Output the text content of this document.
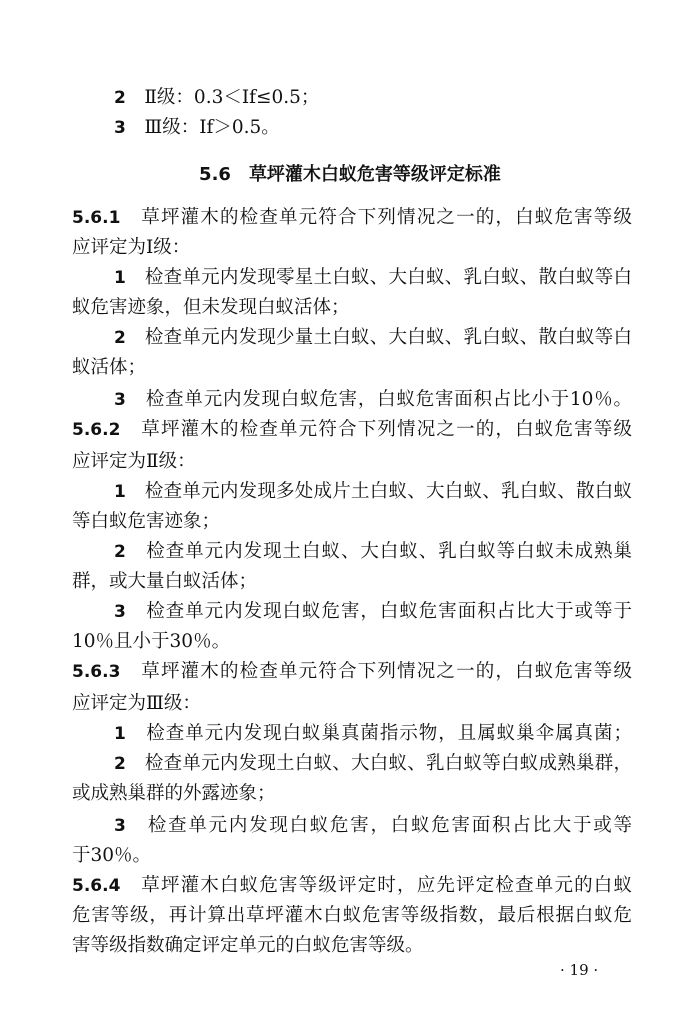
2　 Ⅱ级：0.3＜If≤0.5；
3　 Ⅲ级：If＞0.5。
5.6　 草坪灌木白蚁危害等级评定标准
5.6.1　 草坪灌木的检查单元符合下列情况之一的，白蚁危害等级
应评定为Ⅰ级：
1　 检查单元内发现零星土白蚁、大白蚁、乳白蚁、散白蚁等白
蚁危害迹象，但未发现白蚁活体；
2　 检查单元内发现少量土白蚁、大白蚁、乳白蚁、散白蚁等白
蚁活体；
3　 检查单元内发现白蚁危害，白蚁危害面积占比小于10％。
5.6.2　 草坪灌木的检查单元符合下列情况之一的，白蚁危害等级
应评定为Ⅱ级：
1　 检查单元内发现多处成片土白蚁、大白蚁、乳白蚁、散白蚁
等白蚁危害迹象；
2　 检查单元内发现土白蚁、大白蚁、乳白蚁等白蚁未成熟巢
群，或大量白蚁活体；
3　 检查单元内发现白蚁危害，白蚁危害面积占比大于或等于
10％且小于30％。
5.6.3　 草坪灌木的检查单元符合下列情况之一的，白蚁危害等级
应评定为Ⅲ级：
1　 检查单元内发现白蚁巢真菌指示物，且属蚁巢伞属真菌；
2　 检查单元内发现土白蚁、大白蚁、乳白蚁等白蚁成熟巢群，
或成熟巢群的外露迹象；
3　 检查单元内发现白蚁危害，白蚁危害面积占比大于或等
于30％。
5.6.4　 草坪灌木白蚁危害等级评定时，应先评定检查单元的白蚁
危害等级，再计算出草坪灌木白蚁危害等级指数，最后根据白蚁危
害等级指数确定评定单元的白蚁危害等级。
· 19 ·
